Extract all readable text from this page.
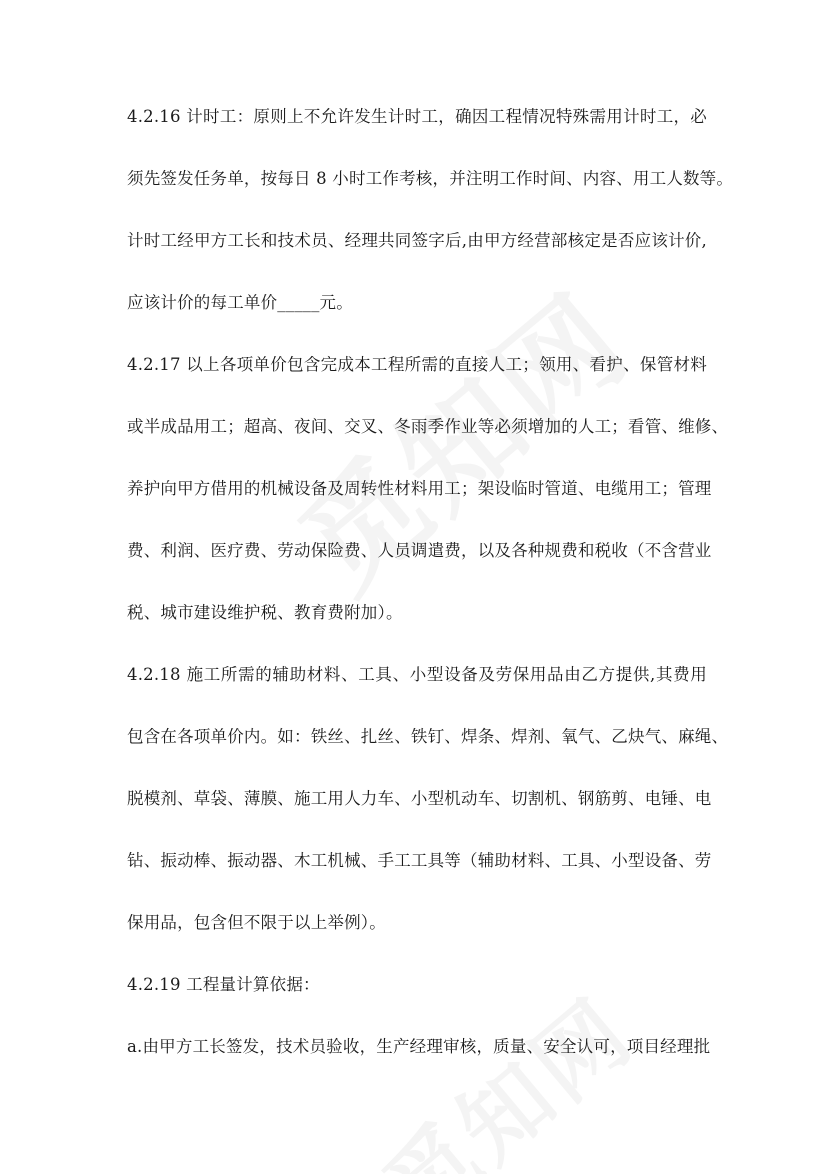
4.2.16 计时工：原则上不允许发生计时工，确因工程情况特殊需用计时工，必
须先签发任务单，按每日 8 小时工作考核，并注明工作时间、内容、用工人数等。
计时工经甲方工长和技术员、经理共同签字后,由甲方经营部核定是否应该计价,
应该计价的每工单价_____元。
4.2.17 以上各项单价包含完成本工程所需的直接人工；领用、看护、保管材料
或半成品用工；超高、夜间、交叉、冬雨季作业等必须增加的人工；看管、维修、
养护向甲方借用的机械设备及周转性材料用工；架设临时管道、电缆用工；管理
费、利润、医疗费、劳动保险费、人员调遣费，以及各种规费和税收（不含营业
税、城市建设维护税、教育费附加）。
4.2.18 施工所需的辅助材料、工具、小型设备及劳保用品由乙方提供,其费用
包含在各项单价内。如：铁丝、扎丝、铁钉、焊条、焊剂、氧气、乙炔气、麻绳、
脱模剂、草袋、薄膜、施工用人力车、小型机动车、切割机、钢筋剪、电锤、电
钻、振动棒、振动器、木工机械、手工工具等（辅助材料、工具、小型设备、劳
保用品，包含但不限于以上举例）。
4.2.19 工程量计算依据：
a.由甲方工长签发，技术员验收，生产经理审核，质量、安全认可，项目经理批
